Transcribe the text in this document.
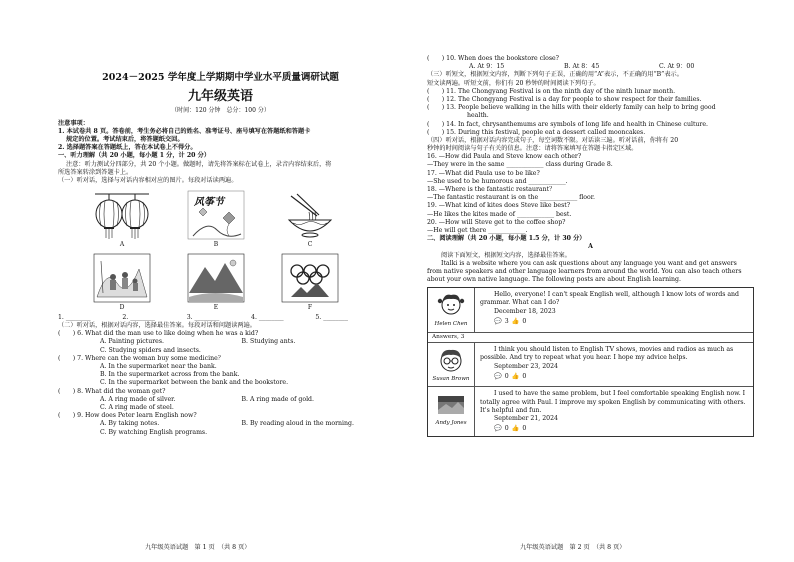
2024－2025 学年度上学期期中学业水平质量调研试题
九年级英语
（时间：120 分钟　总分：100 分）
注意事项：
1. 本试卷共 8 页。答卷前，考生务必将自己的姓名、准考证号、座号填写在答题纸和答题卡
规定的位置。考试结束后，将答题纸交回。
2. 选择题答案在答题纸上，答在本试卷上不得分。
一、听力理解（共 20 小题，每小题 1 分，计 20 分）
注意：听力测试分四部分，共 20 个小题。做题时，请先将答案标在试卷上，录音内容结束后，将
所选答案转涂到答题卡上。
（一）听对话，选择与对话内容相对应的图片。每段对话读两遍。
A
风筝节
B	C
D	E	F
1. ________	2. ________	3. ________	4. ________	5. ________
（二）听对话，根据对话内容，选择最佳答案。每段对话和问题读两遍。
(　　) 6. What did the man use to like doing when he was a kid?
A. Painting pictures.	B. Studying ants.
C. Studying spiders and insects.
(　　) 7. Where can the woman buy some medicine？
A. In the supermarket near the bank.
B. In the supermarket across from the bank.
C. In the supermarket between the bank and the bookstore.
(　　) 8. What did the woman get?
A. A ring made of silver.	B. A ring made of gold.
C. A ring made of steel.
(　　) 9. How does Peter learn English now?
A. By taking notes.	B. By reading aloud in the morning.
C. By watching English programs.
九年级英语试题　第 1 页　（共 8 页）
(　　) 10. When does the bookstore close?
A. At 9：15	B. At 8：45	C. At 9：00
（三）听短文，根据短文内容，判断下列句子正误，正确的用“A”表示，不正确的用“B”表示。
短文读两遍。听短文前，你们有 20 秒钟的时间阅读下列句子。
(　　) 11. The Chongyang Festival is on the ninth day of the ninth lunar month.
(　　) 12. The Chongyang Festival is a day for people to show respect for their families.
(　　) 13. People believe walking in the hills with their elderly family can help to bring good
health.
(　　) 14. In fact, chrysanthemums are symbols of long life and health in Chinese culture.
(　　) 15. During this festival, people eat a dessert called mooncakes.
（四）听对话，根据对话内容完成句子，每空词数不限。对话读三遍。听对话前，你将有 20
秒钟的时间阅读与句子有关的信息。注意：请将答案填写在答题卡指定区域。
16. —How did Paula and Steve know each other?
—They were in the same ____________ class during Grade 8.
17. —What did Paula use to be like?
—She used to be humorous and ____________.
18. —Where is the fantastic restaurant？
—The fantastic restaurant is on the ____________ floor.
19. —What kind of kites does Steve like best?
—He likes the kites made of ____________ best.
20. —How will Steve get to the coffee shop?
—He will get there ____________.
二、阅读理解（共 20 小题，每小题 1.5 分，计 30 分）
A
阅读下面短文，根据短文内容，选择最佳答案。
Italki is a website where you can ask questions about any language you want and get answers
from native speakers and other language learners from around the world. You can also teach others
about your own native language. The following posts are about English learning.
Helen Chen
Hello, everyone! I can't speak English well, although I know lots of words and grammar. What can I do?
December 18, 2023
💬 3 👍 0
Answers, 3
Susan Brown
I think you should listen to English TV shows, movies and radios as much as possible. And try to repeat what you hear. I hope my advice helps.
September 23, 2024
💬 0 👍 0
Andy Jones
I used to have the same problem, but I feel comfortable speaking English now. I totally agree with Paul. I improve my spoken English by communicating with others. It's helpful and fun.
September 21, 2024
💬 0 👍 0
九年级英语试题　第 2 页　（共 8 页）
